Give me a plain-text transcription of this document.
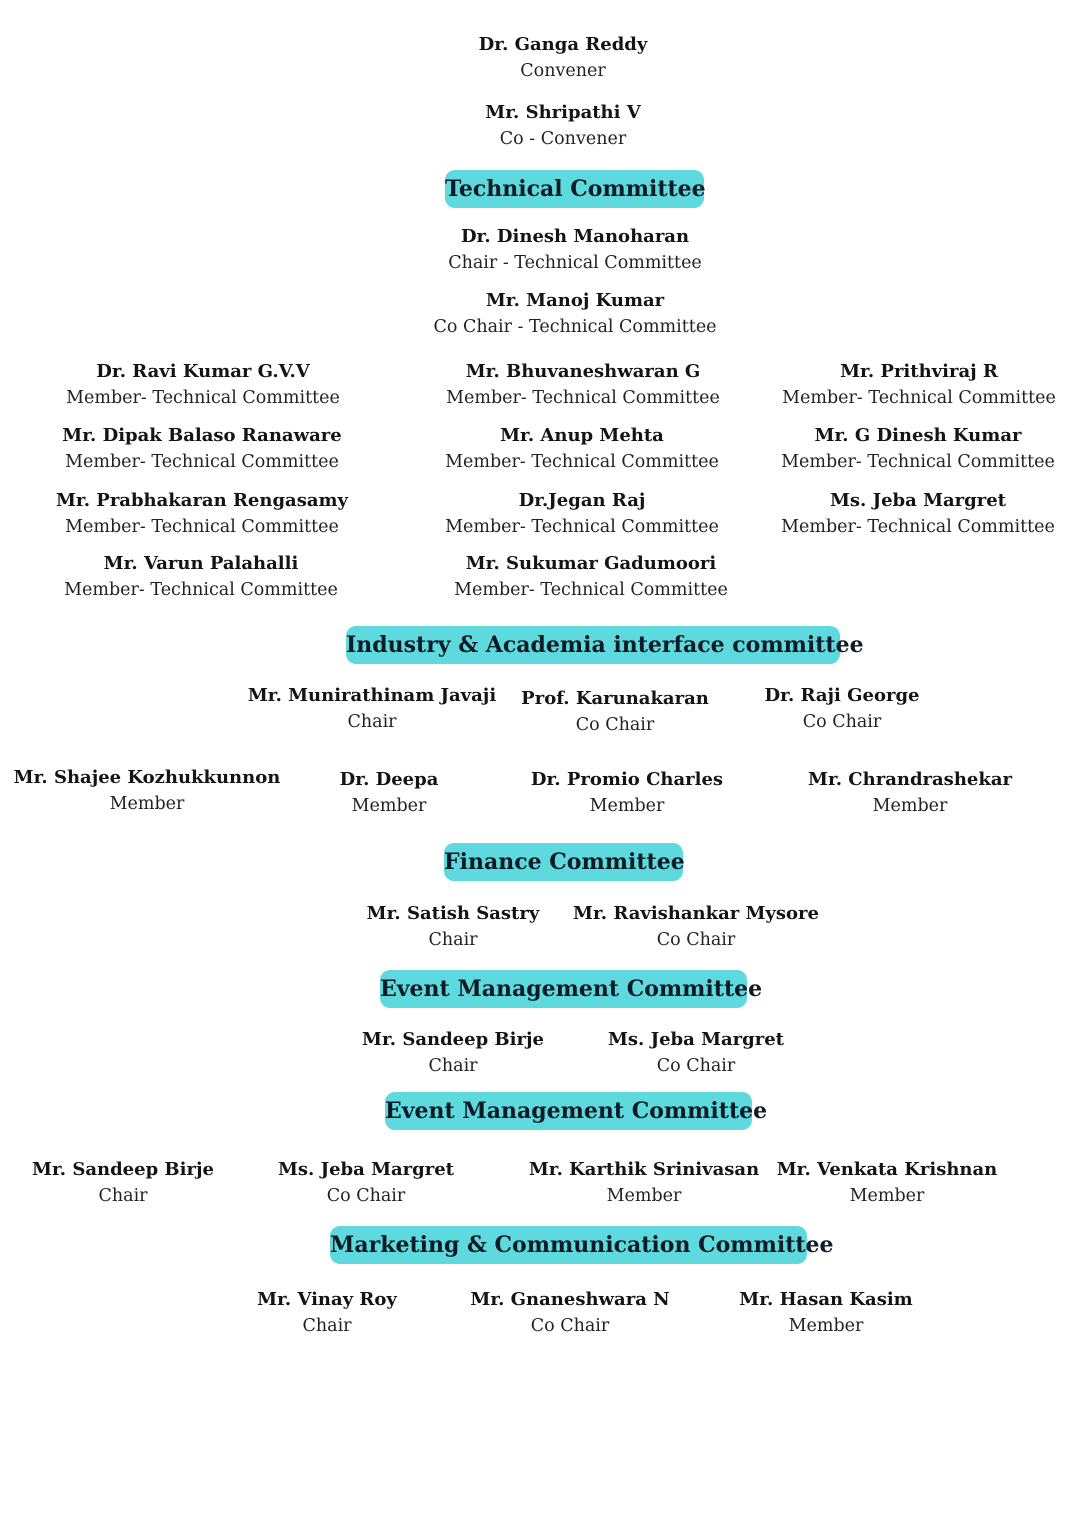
Dr. Ganga Reddy
Convener
Mr. Shripathi V
Co - Convener
Technical Committee
Dr. Dinesh Manoharan
Chair - Technical Committee
Mr. Manoj Kumar
Co Chair - Technical Committee
Dr. Ravi Kumar G.V.V
Member- Technical Committee
Mr. Bhuvaneshwaran G
Member- Technical Committee
Mr. Prithviraj R
Member- Technical Committee
Mr. Dipak Balaso Ranaware
Member- Technical Committee
Mr. Anup Mehta
Member- Technical Committee
Mr. G Dinesh Kumar
Member- Technical Committee
Mr. Prabhakaran Rengasamy
Member- Technical Committee
Dr.Jegan Raj
Member- Technical Committee
Ms. Jeba Margret
Member- Technical Committee
Mr. Varun Palahalli
Member- Technical Committee
Mr. Sukumar Gadumoori
Member- Technical Committee
Industry & Academia interface committee
Mr. Munirathinam Javaji
Chair
Prof. Karunakaran
Co Chair
Dr. Raji George
Co Chair
Mr. Shajee Kozhukkunnon
Member
Dr. Deepa
Member
Dr. Promio Charles
Member
Mr. Chrandrashekar
Member
Finance Committee
Mr. Satish Sastry
Chair
Mr. Ravishankar Mysore
Co Chair
Event Management Committee
Mr. Sandeep Birje
Chair
Ms. Jeba Margret
Co Chair
Event Management Committee
Mr. Sandeep Birje
Chair
Ms. Jeba Margret
Co Chair
Mr. Karthik Srinivasan
Member
Mr. Venkata Krishnan
Member
Marketing & Communication Committee
Mr. Vinay Roy
Chair
Mr. Gnaneshwara N
Co Chair
Mr. Hasan Kasim
Member
